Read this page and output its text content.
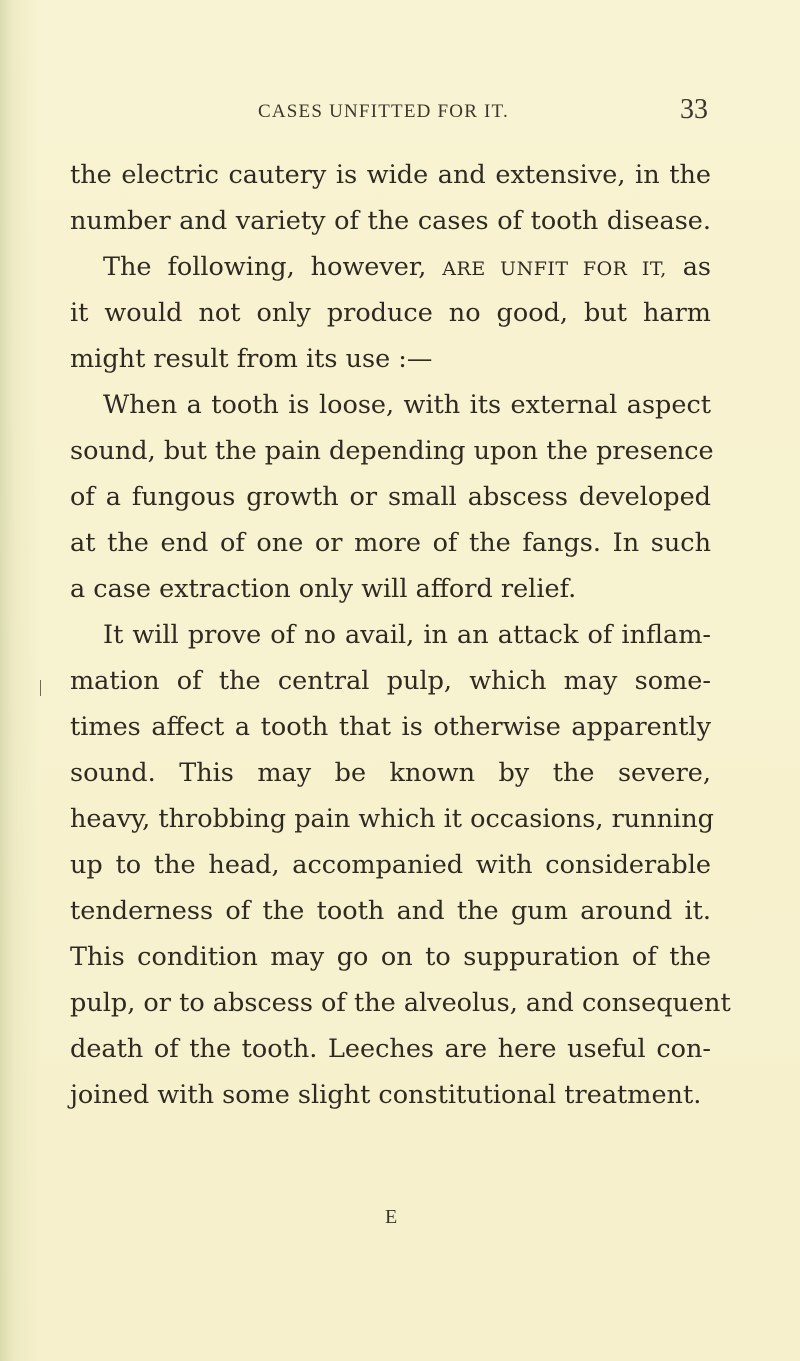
CASES UNFITTED FOR IT.	33
the electric cautery is wide and extensive, in the
number and variety of the cases of tooth disease.
The following, however, ARE UNFIT FOR IT, as
it would not only produce no good, but harm
might result from its use :—
When a tooth is loose, with its external aspect
sound, but the pain depending upon the presence
of a fungous growth or small abscess developed
at the end of one or more of the fangs. In such
a case extraction only will afford relief.
It will prove of no avail, in an attack of inflam-
mation of the central pulp, which may some-
times affect a tooth that is otherwise apparently
sound. This may be known by the severe,
heavy, throbbing pain which it occasions, running
up to the head, accompanied with considerable
tenderness of the tooth and the gum around it.
This condition may go on to suppuration of the
pulp, or to abscess of the alveolus, and consequent
death of the tooth. Leeches are here useful con-
joined with some slight constitutional treatment.
E
